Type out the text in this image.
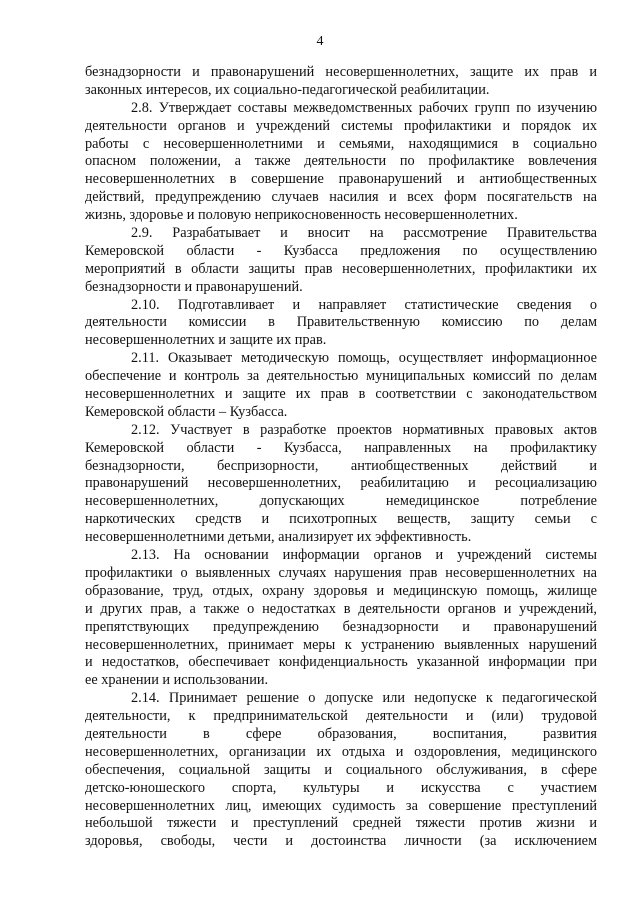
4
безнадзорности и правонарушений несовершеннолетних, защите их прав и
законных интересов, их социально-педагогической реабилитации.
2.8. Утверждает составы межведомственных рабочих групп по изучению
деятельности органов и учреждений системы профилактики и порядок их
работы с несовершеннолетними и семьями, находящимися в социально
опасном положении, а также деятельности по профилактике вовлечения
несовершеннолетних в совершение правонарушений и антиобщественных
действий, предупреждению случаев насилия и всех форм посягательств на
жизнь, здоровье и половую неприкосновенность несовершеннолетних.
2.9. Разрабатывает и вносит на рассмотрение Правительства
Кемеровской области - Кузбасса предложения по осуществлению
мероприятий в области защиты прав несовершеннолетних, профилактики их
безнадзорности и правонарушений.
2.10. Подготавливает и направляет статистические сведения о
деятельности комиссии в Правительственную комиссию по делам
несовершеннолетних и защите их прав.
2.11. Оказывает методическую помощь, осуществляет информационное
обеспечение и контроль за деятельностью муниципальных комиссий по делам
несовершеннолетних и защите их прав в соответствии с законодательством
Кемеровской области – Кузбасса.
2.12. Участвует в разработке проектов нормативных правовых актов
Кемеровской области - Кузбасса, направленных на профилактику
безнадзорности, беспризорности, антиобщественных действий и
правонарушений несовершеннолетних, реабилитацию и ресоциализацию
несовершеннолетних, допускающих немедицинское потребление
наркотических средств и психотропных веществ, защиту семьи с
несовершеннолетними детьми, анализирует их эффективность.
2.13. На основании информации органов и учреждений системы
профилактики о выявленных случаях нарушения прав несовершеннолетних на
образование, труд, отдых, охрану здоровья и медицинскую помощь, жилище
и других прав, а также о недостатках в деятельности органов и учреждений,
препятствующих предупреждению безнадзорности и правонарушений
несовершеннолетних, принимает меры к устранению выявленных нарушений
и недостатков, обеспечивает конфиденциальность указанной информации при
ее хранении и использовании.
2.14. Принимает решение о допуске или недопуске к педагогической
деятельности, к предпринимательской деятельности и (или) трудовой
деятельности в сфере образования, воспитания, развития
несовершеннолетних, организации их отдыха и оздоровления, медицинского
обеспечения, социальной защиты и социального обслуживания, в сфере
детско-юношеского спорта, культуры и искусства с участием
несовершеннолетних лиц, имеющих судимость за совершение преступлений
небольшой тяжести и преступлений средней тяжести против жизни и
здоровья, свободы, чести и достоинства личности (за исключением
